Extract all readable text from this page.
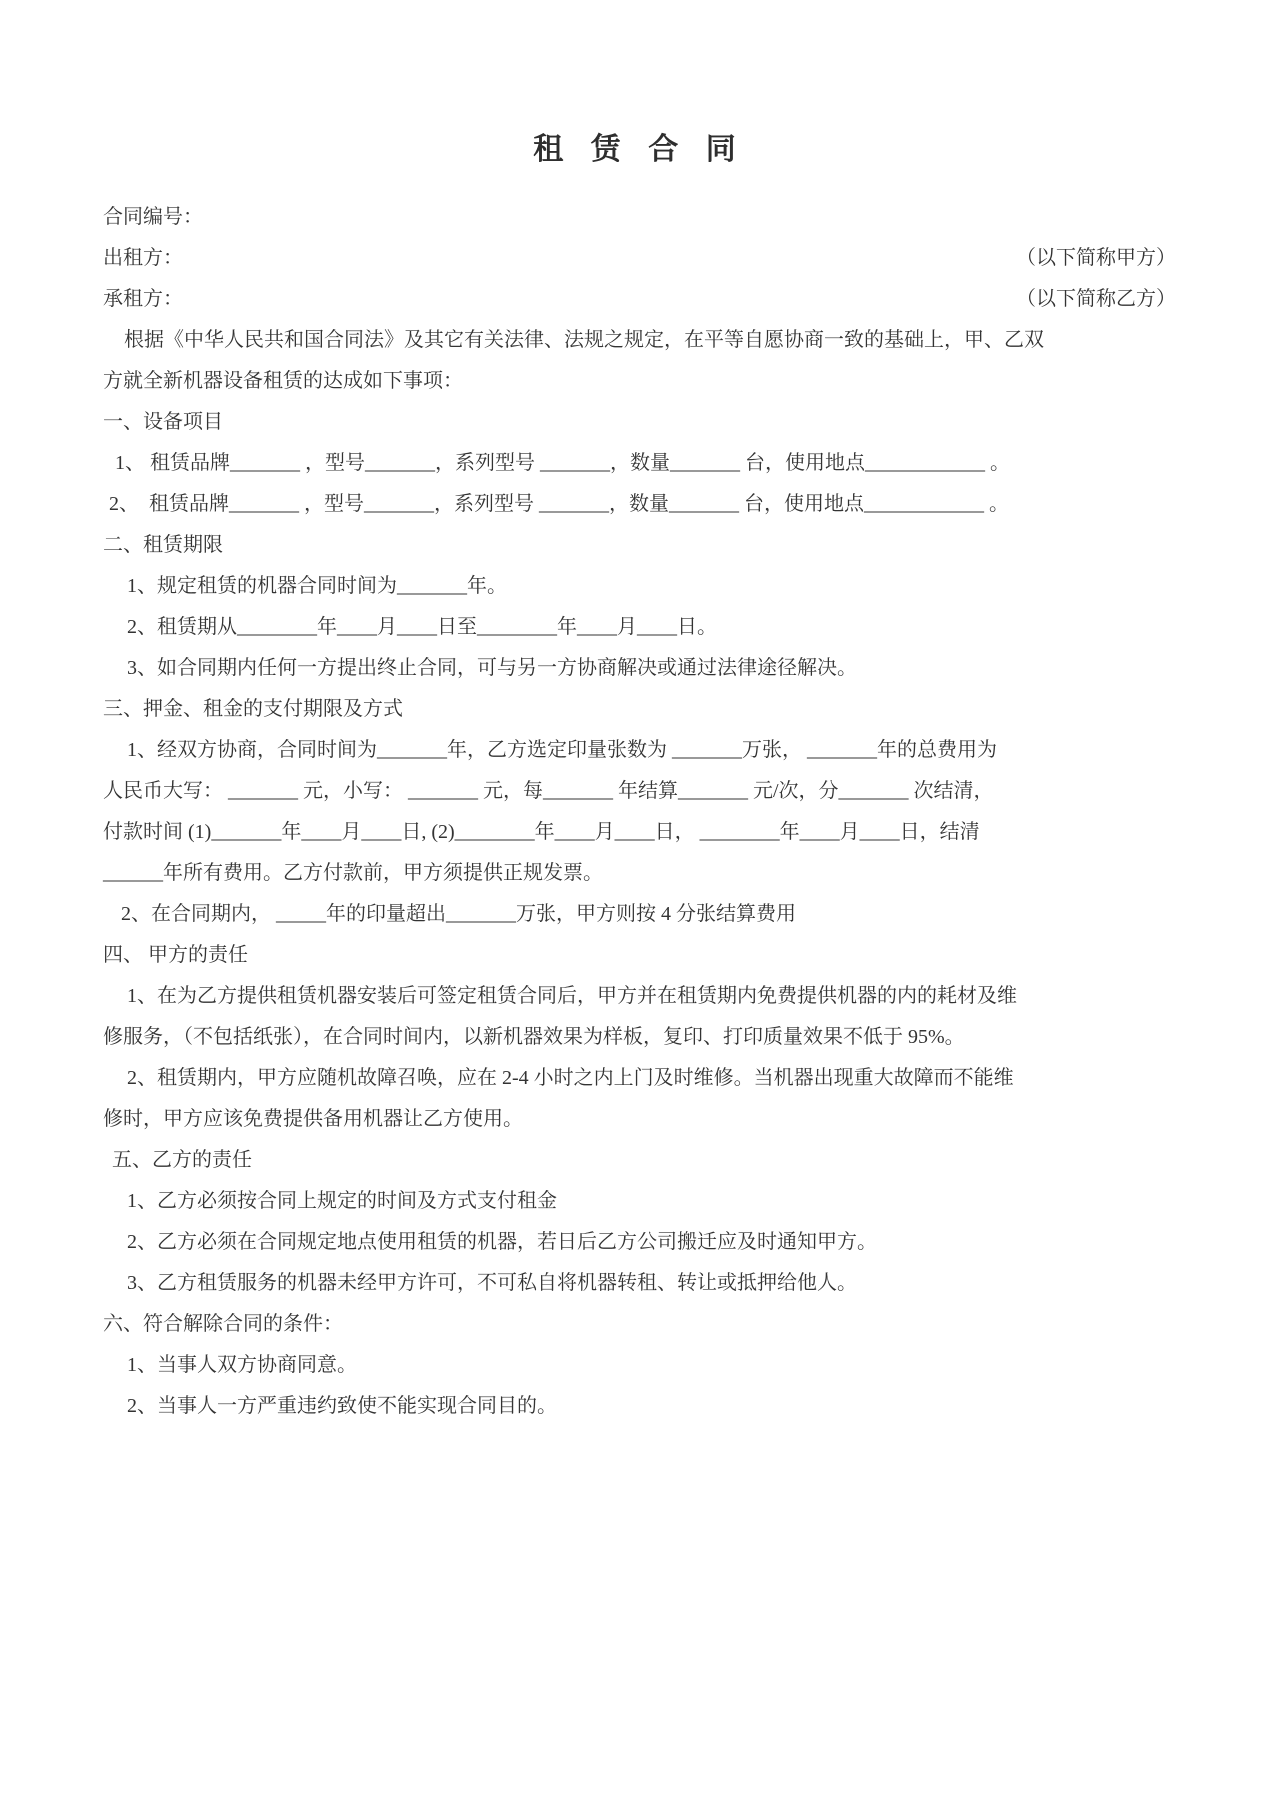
租 赁 合 同
合同编号：
出租方：	（以下简称甲方）
承租方：	（以下简称乙方）
根据《中华人民共和国合同法》及其它有关法律、法规之规定，在平等自愿协商一致的基础上，甲、乙双
方就全新机器设备租赁的达成如下事项：
一、设备项目
1、 租赁品牌_______ ，型号_______，系列型号 _______，数量_______ 台，使用地点____________ 。
2、  租赁品牌_______ ，型号_______，系列型号 _______，数量_______ 台，使用地点____________ 。
二、租赁期限
1、规定租赁的机器合同时间为_______年。
2、租赁期从________年____月____日至________年____月____日。
3、如合同期内任何一方提出终止合同，可与另一方协商解决或通过法律途径解决。
三、押金、租金的支付期限及方式
1、经双方协商，合同时间为_______年，乙方选定印量张数为 _______万张， _______年的总费用为
人民币大写： _______ 元，小写： _______ 元，每_______ 年结算_______ 元/次，分_______ 次结清，
付款时间 (1)_______年____月____日, (2)________年____月____日， ________年____月____日，结清
______年所有费用。乙方付款前，甲方须提供正规发票。
2、在合同期内， _____年的印量超出_______万张，甲方则按 4 分张结算费用
四、 甲方的责任
1、在为乙方提供租赁机器安装后可签定租赁合同后，甲方并在租赁期内免费提供机器的内的耗材及维
修服务，（不包括纸张），在合同时间内，以新机器效果为样板，复印、打印质量效果不低于 95%。
2、租赁期内，甲方应随机故障召唤，应在 2-4 小时之内上门及时维修。当机器出现重大故障而不能维
修时，甲方应该免费提供备用机器让乙方使用。
五、乙方的责任
1、乙方必须按合同上规定的时间及方式支付租金
2、乙方必须在合同规定地点使用租赁的机器，若日后乙方公司搬迁应及时通知甲方。
3、乙方租赁服务的机器未经甲方许可，不可私自将机器转租、转让或抵押给他人。
六、符合解除合同的条件：
1、当事人双方协商同意。
2、当事人一方严重违约致使不能实现合同目的。
